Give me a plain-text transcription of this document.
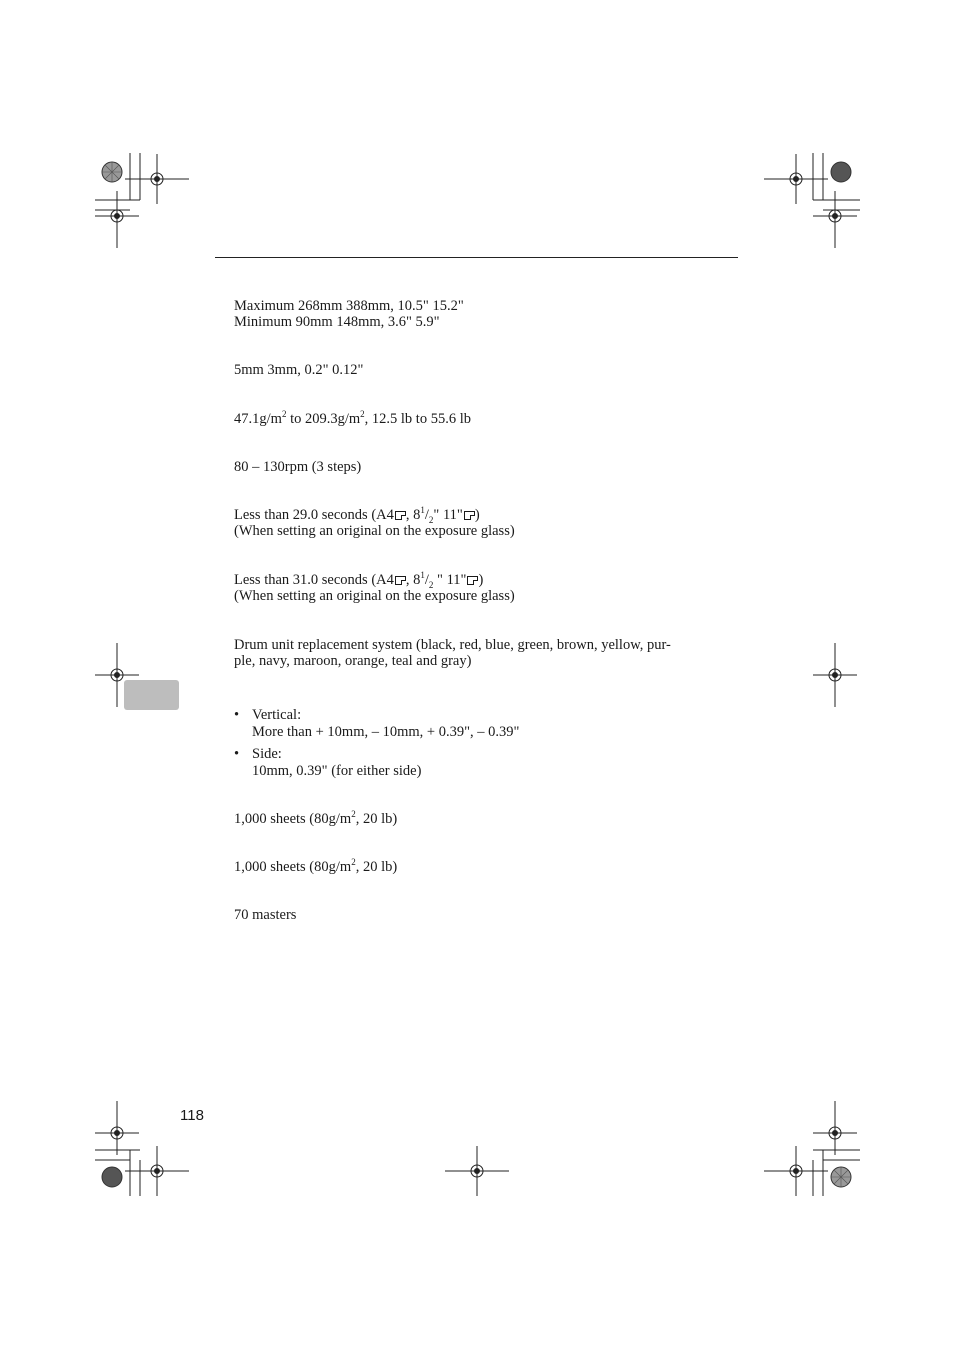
Maximum 268mm 388mm, 10.5" 15.2"
Minimum 90mm 148mm, 3.6" 5.9"
5mm 3mm, 0.2" 0.12"
$47.1g/m^2$ to $209.3g/m^2$, 12.5 lb to 55.6 lb
80 – 130rpm (3 steps)
Less than 29.0 seconds (A4 , $8^1/_2$" 11" )
(When setting an original on the exposure glass)
Less than 31.0 seconds (A4 , $8^1/_2$ " 11" )
(When setting an original on the exposure glass)
Drum unit replacement system (black, red, blue, green, brown, yellow, pur-
ple, navy, maroon, orange, teal and gray)
• Vertical:
More than + 10mm, – 10mm, + 0.39", – 0.39"
• Side:
10mm, 0.39" (for either side)
1,000 sheets ($80g/m^2$, 20 lb)
1,000 sheets ($80g/m^2$, 20 lb)
70 masters
118
